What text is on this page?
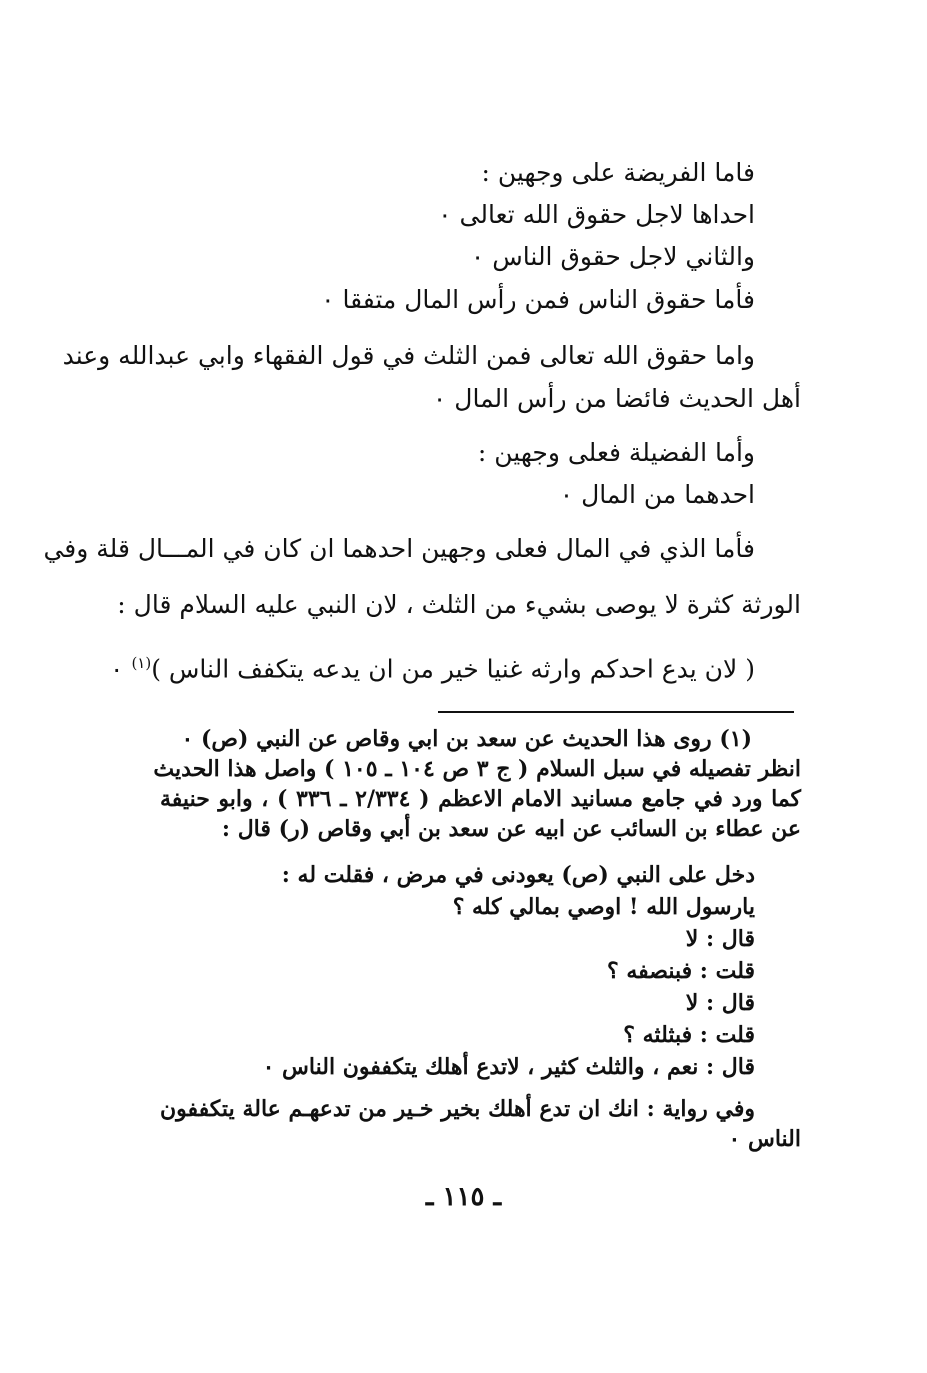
فاما الفريضة على وجهين :
احداها لاجل حقوق الله تعالى ٠
والثاني لاجل حقوق الناس ٠
فأما حقوق الناس فمن رأس المال متفقا ٠
واما حقوق الله تعالى فمن الثلث في قول الفقهاء وابي عبدالله وعند
أهل الحديث فائضا من رأس المال ٠
وأما الفضيلة فعلى وجهين :
احدهما من المال ٠
فأما الذي في المال فعلى وجهين احدهما ان كان في المـــال قلة وفي
الورثة كثرة لا يوصى بشيء من الثلث ، لان النبي عليه السلام قال :
( لان يدع احدكم وارثه غنيا خير من ان يدعه يتكفف الناس )$^{(١)}$ ٠
(١) روى هذا الحديث عن سعد بن ابي وقاص عن النبي (ص) ٠
انظر تفصيله في سبل السلام ( ج ٣ ص ١٠٤ ـ ١٠٥ ) واصل هذا الحديث
كما ورد في جامع مسانيد الامام الاعظم ( ٢/٣٣٤ ـ ٣٣٦ ) ، وابو حنيفة
عن عطاء بن السائب عن ابيه عن سعد بن أبي وقاص (ر) قال :
دخل على النبي (ص) يعودنى في مرض ، فقلت له :
يارسول الله ! اوصي بمالي كله ؟
قال : لا
قلت : فبنصفه ؟
قال : لا
قلت : فبثلثه ؟
قال : نعم ، والثلث كثير ، لاتدع أهلك يتكففون الناس ٠
وفي رواية : انك ان تدع أهلك بخير خـير من تدعهـم عالة يتكففون
الناس ٠
ـ ١١٥ ـ
